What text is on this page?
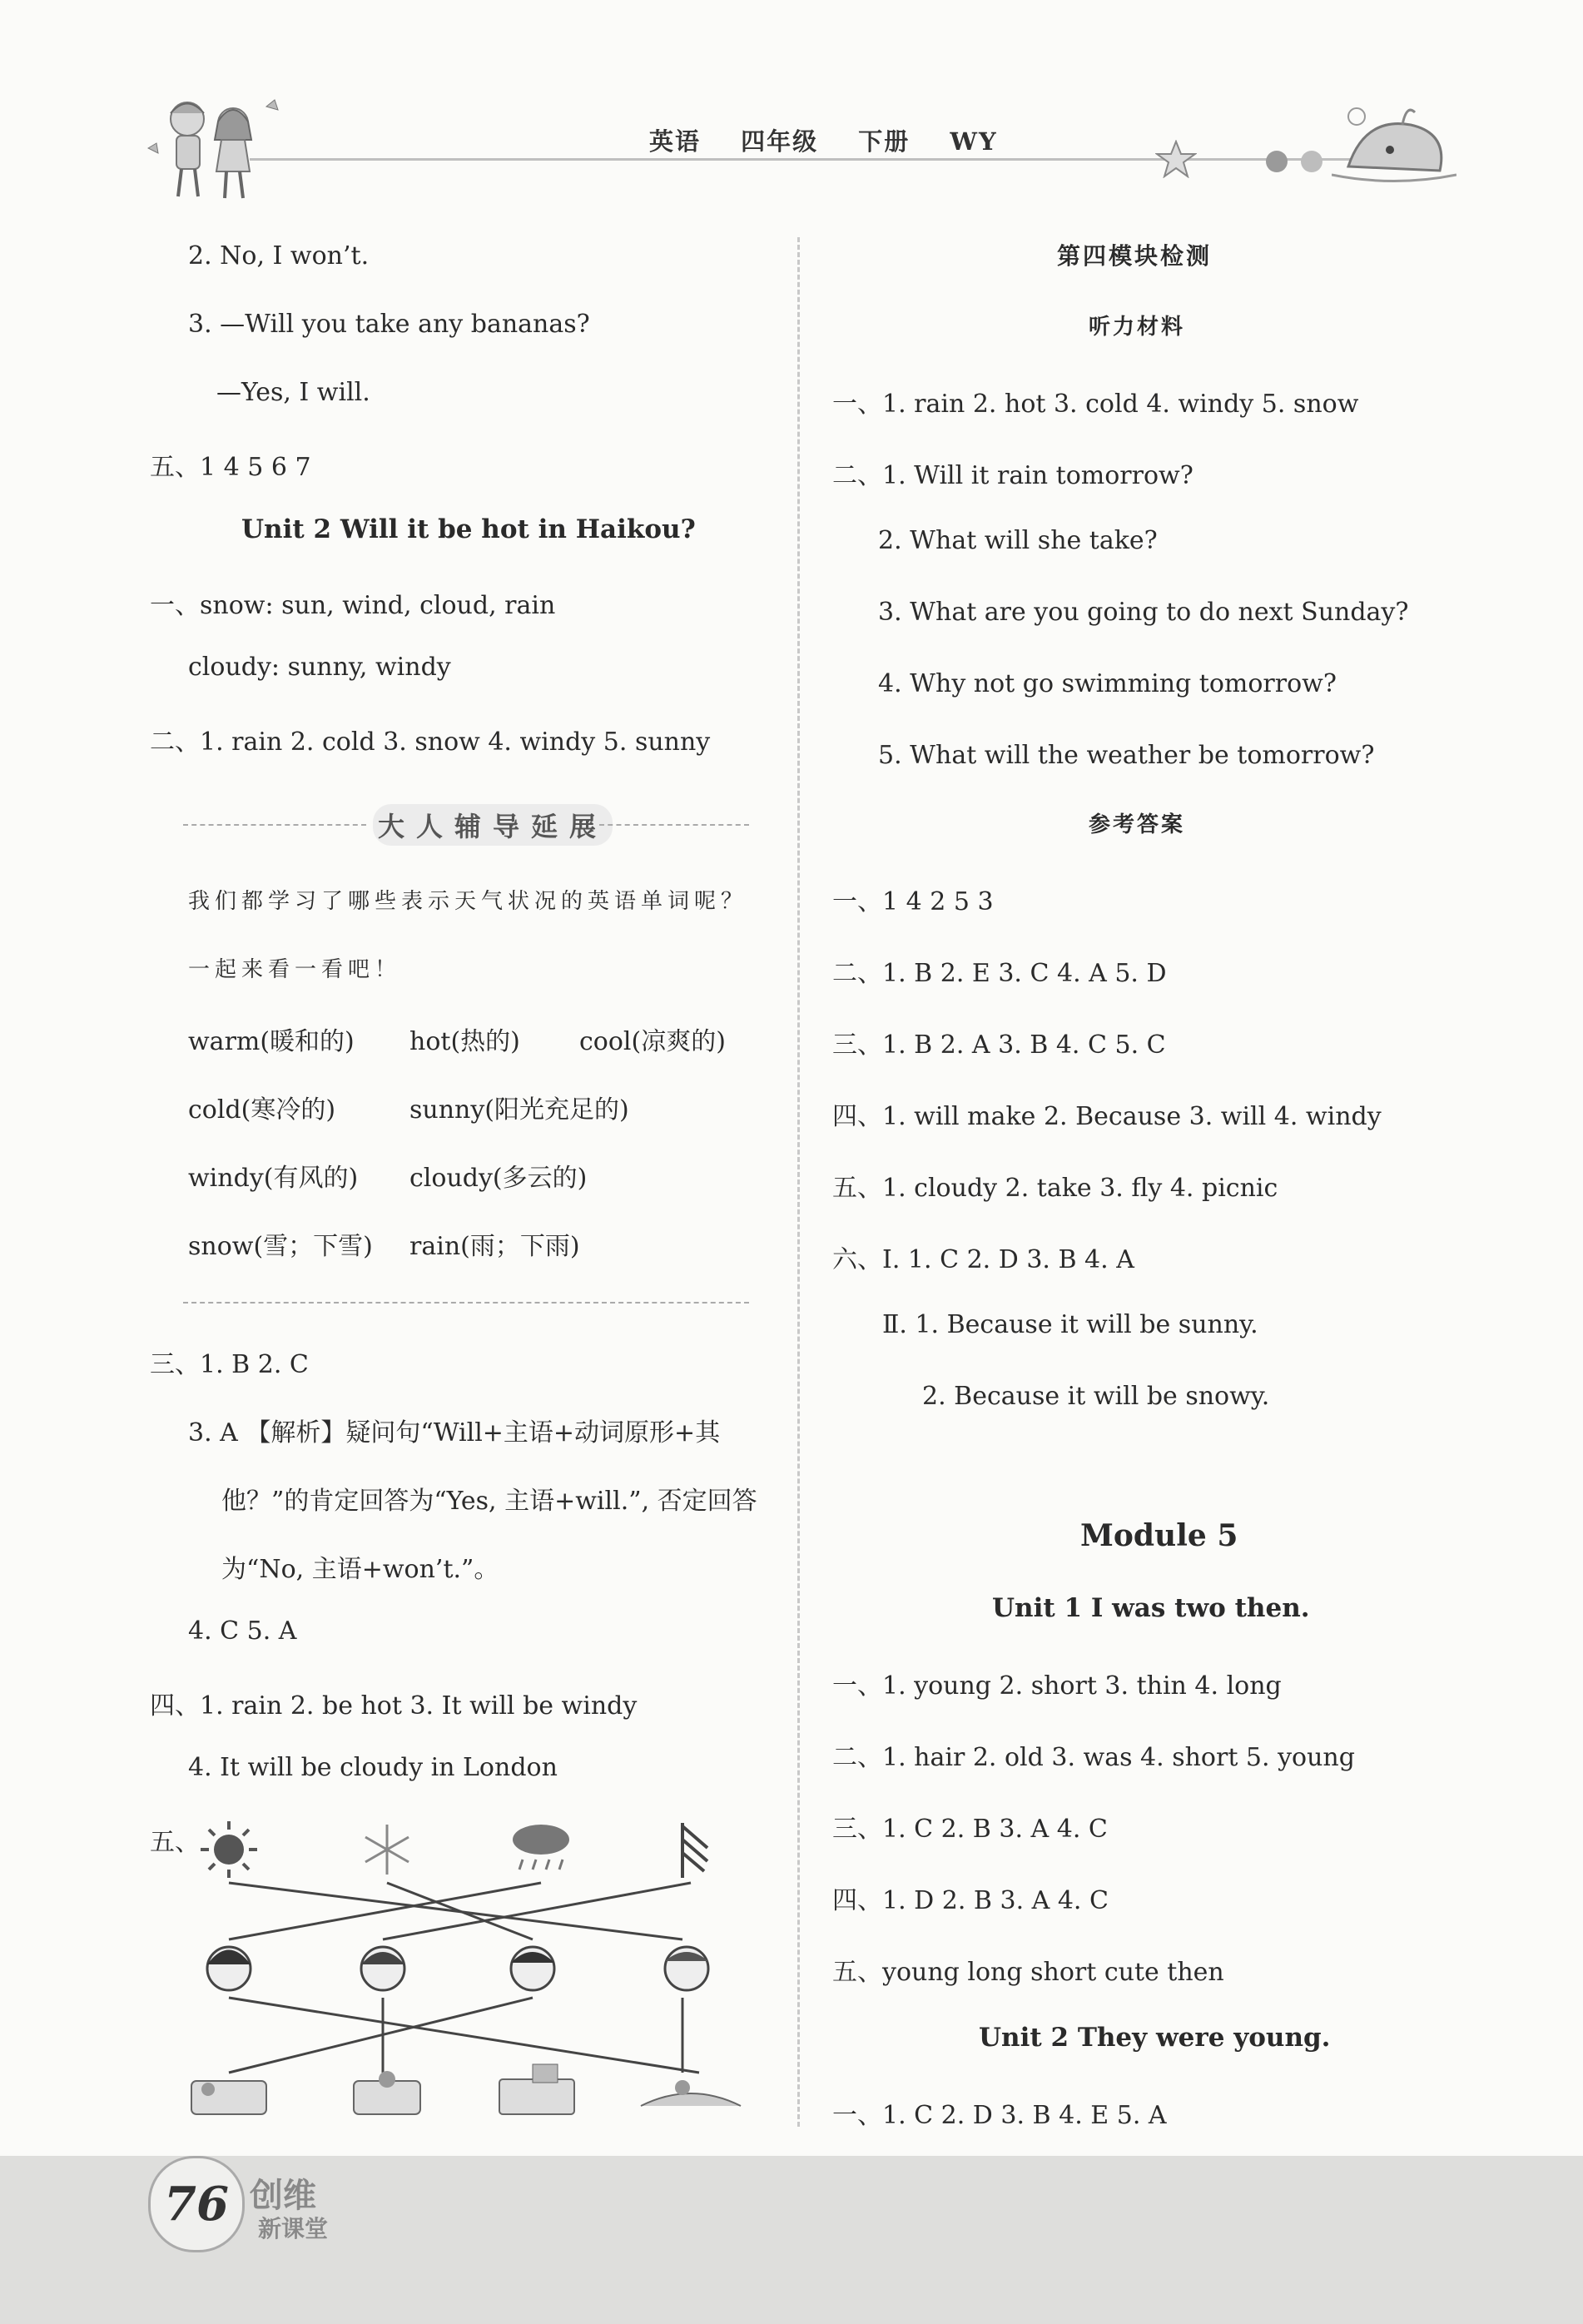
英语 四年级 下册 WY
2. No, I won’t.
3. —Will you take any bananas?
—Yes, I will.
五、1 4 5 6 7
Unit 2 Will it be hot in Haikou?
一、snow: sun, wind, cloud, rain
cloudy: sunny, windy
二、1. rain 2. cold 3. snow 4. windy 5. sunny
大人辅导延展
我们都学习了哪些表示天气状况的英语单词呢？
一起来看一看吧！
warm(暖和的) hot(热的) cool(凉爽的)
cold(寒冷的)	sunny(阳光充足的)
windy(有风的) cloudy(多云的)
snow(雪；下雪) rain(雨；下雨)
三、1. B 2. C
3. A 【解析】疑问句“Will+主语+动词原形+其
他？”的肯定回答为“Yes, 主语+will.”, 否定回答
为“No, 主语+won’t.”。
4. C 5. A
四、1. rain 2. be hot 3. It will be windy
4. It will be cloudy in London
五、
第四模块检测
听力材料
一、1. rain 2. hot 3. cold 4. windy 5. snow
二、1. Will it rain tomorrow?
2. What will she take?
3. What are you going to do next Sunday?
4. Why not go swimming tomorrow?
5. What will the weather be tomorrow?
参考答案
一、1 4 2 5 3
二、1. B 2. E 3. C 4. A 5. D
三、1. B 2. A 3. B 4. C 5. C
四、1. will make 2. Because 3. will 4. windy
五、1. cloudy 2. take 3. fly 4. picnic
六、Ⅰ. 1. C 2. D 3. B 4. A
Ⅱ. 1. Because it will be sunny.
2. Because it will be snowy.
Module 5
Unit 1 I was two then.
一、1. young 2. short 3. thin 4. long
二、1. hair 2. old 3. was 4. short 5. young
三、1. C 2. B 3. A 4. C
四、1. D 2. B 3. A 4. C
五、young long short cute then
Unit 2 They were young.
一、1. C 2. D 3. B 4. E 5. A
76 创维
新课堂
